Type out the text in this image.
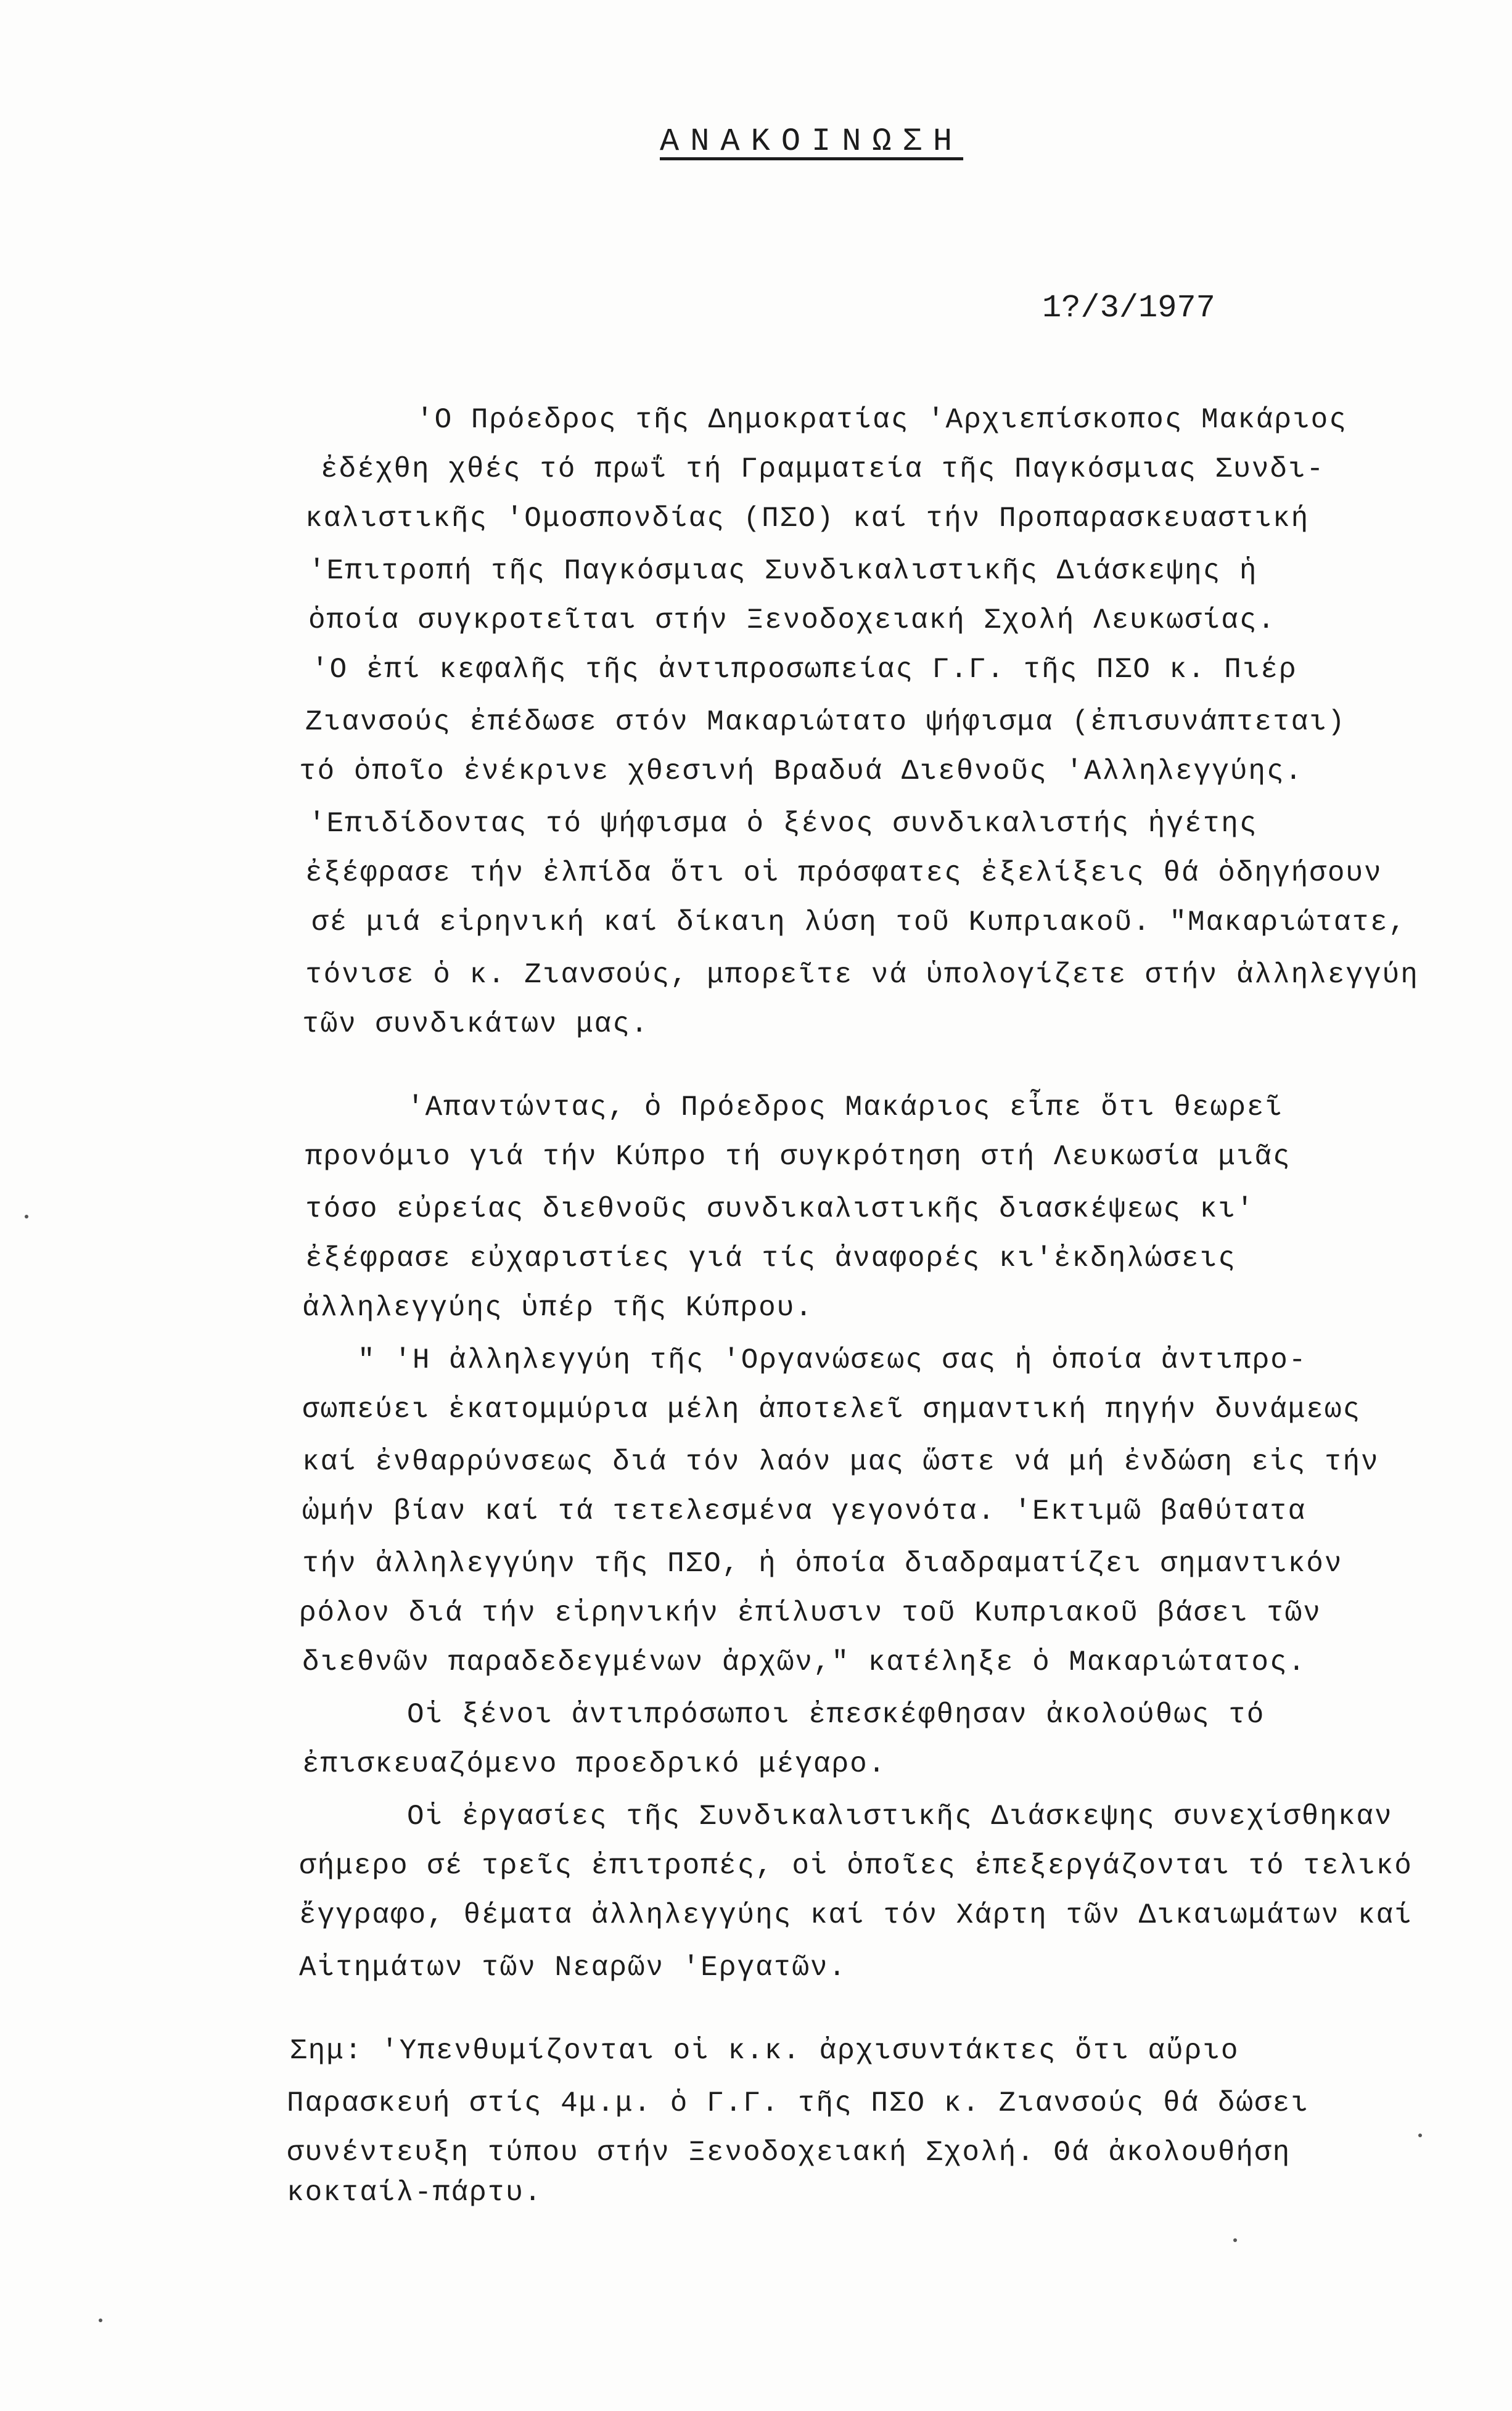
ΑΝΑΚΟΙΝΩΣΗ
1?/3/1977
'Ο Πρόεδρος τῆς Δημοκρατίας 'Αρχιεπίσκοπος Μακάριος
ἐδέχθη χθές τό πρωΐ τή Γραμματεία τῆς Παγκόσμιας Συνδι-
καλιστικῆς 'Ομοσπονδίας (ΠΣΟ) καί τήν Προπαρασκευαστική
'Επιτροπή τῆς Παγκόσμιας Συνδικαλιστικῆς Διάσκεψης ἡ
ὁποία συγκροτεῖται στήν Ξενοδοχειακή Σχολή Λευκωσίας.
'Ο ἐπί κεφαλῆς τῆς ἀντιπροσωπείας Γ.Γ. τῆς ΠΣΟ κ. Πιέρ
Ζιανσούς ἐπέδωσε στόν Μακαριώτατο ψήφισμα (ἐπισυνάπτεται)
τό ὁποῖο ἐνέκρινε χθεσινή Βραδυά Διεθνοῦς 'Αλληλεγγύης.
'Επιδίδοντας τό ψήφισμα ὁ ξένος συνδικαλιστής ἡγέτης
ἐξέφρασε τήν ἐλπίδα ὅτι οἱ πρόσφατες ἐξελίξεις θά ὁδηγήσουν
σέ μιά εἰρηνική καί δίκαιη λύση τοῦ Κυπριακοῦ. "Μακαριώτατε,
τόνισε ὁ κ. Ζιανσούς, μπορεῖτε νά ὑπολογίζετε στήν ἀλληλεγγύη
τῶν συνδικάτων μας.
'Απαντώντας, ὁ Πρόεδρος Μακάριος εἶπε ὅτι θεωρεῖ
προνόμιο γιά τήν Κύπρο τή συγκρότηση στή Λευκωσία μιᾶς
τόσο εὐρείας διεθνοῦς συνδικαλιστικῆς διασκέψεως κι'
ἐξέφρασε εὐχαριστίες γιά τίς ἀναφορές κι'ἐκδηλώσεις
ἀλληλεγγύης ὑπέρ τῆς Κύπρου.
" 'Η ἀλληλεγγύη τῆς 'Οργανώσεως σας ἡ ὁποία ἀντιπρο-
σωπεύει ἑκατομμύρια μέλη ἀποτελεῖ σημαντική πηγήν δυνάμεως
καί ἐνθαρρύνσεως διά τόν λαόν μας ὥστε νά μή ἐνδώση εἰς τήν
ὠμήν βίαν καί τά τετελεσμένα γεγονότα. 'Εκτιμῶ βαθύτατα
τήν ἀλληλεγγύην τῆς ΠΣΟ, ἡ ὁποία διαδραματίζει σημαντικόν
ρόλον διά τήν εἰρηνικήν ἐπίλυσιν τοῦ Κυπριακοῦ βάσει τῶν
διεθνῶν παραδεδεγμένων ἀρχῶν," κατέληξε ὁ Μακαριώτατος.
Οἱ ξένοι ἀντιπρόσωποι ἐπεσκέφθησαν ἀκολούθως τό
ἐπισκευαζόμενο προεδρικό μέγαρο.
Οἱ ἐργασίες τῆς Συνδικαλιστικῆς Διάσκεψης συνεχίσθηκαν
σήμερο σέ τρεῖς ἐπιτροπές, οἱ ὁποῖες ἐπεξεργάζονται τό τελικό
ἔγγραφο, θέματα ἀλληλεγγύης καί τόν Χάρτη τῶν Δικαιωμάτων καί
Αἰτημάτων τῶν Νεαρῶν 'Εργατῶν.
Σημ: 'Υπενθυμίζονται οἱ κ.κ. ἀρχισυντάκτες ὅτι αὔριο
Παρασκευή στίς 4μ.μ. ὁ Γ.Γ. τῆς ΠΣΟ κ. Ζιανσούς θά δώσει
συνέντευξη τύπου στήν Ξενοδοχειακή Σχολή. Θά ἀκολουθήση
κοκταίλ-πάρτυ.
